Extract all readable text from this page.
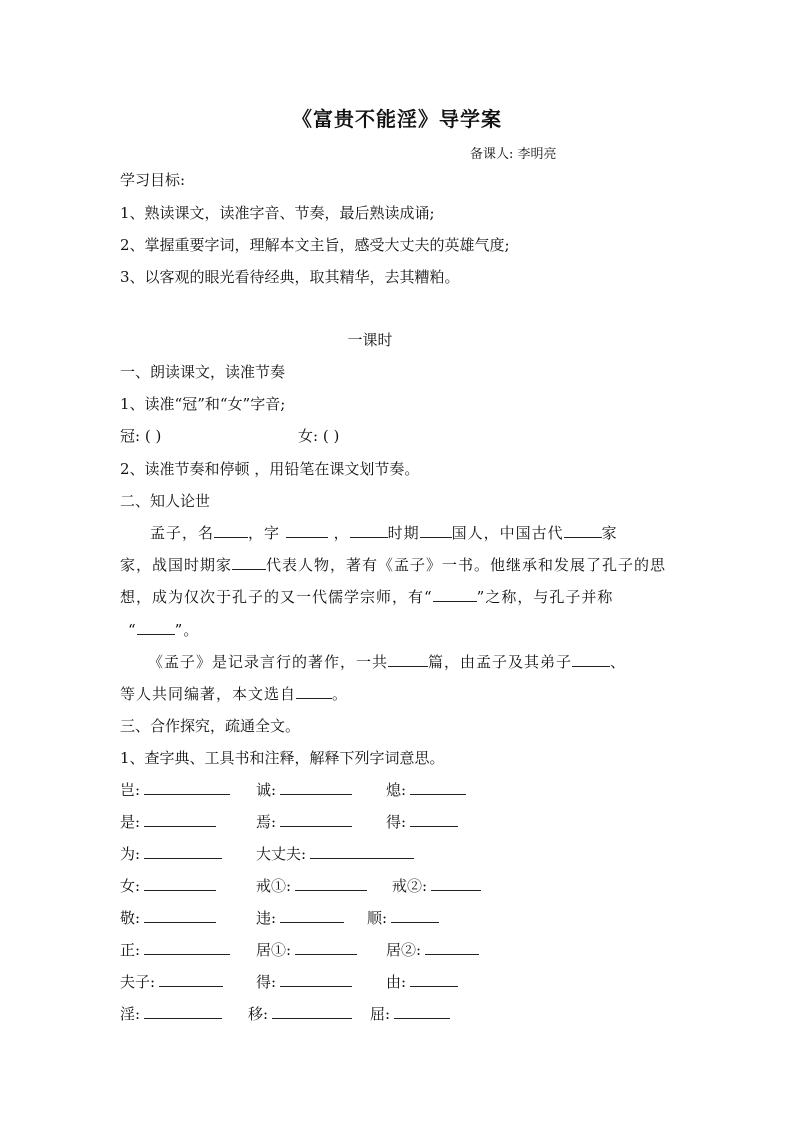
《富贵不能淫》导学案
备课人: 李明亮
学习目标:
1、熟读课文，读准字音、节奏，最后熟读成诵;
2、掌握重要字词，理解本文主旨，感受大丈夫的英雄气度;
3、以客观的眼光看待经典，取其精华，去其糟粕。
一课时
一、朗读课文，读准节奏
1、读准“冠”和“女”字音;
冠: ( )	女: ( )
2、读准节奏和停顿 ，用铅笔在课文划节奏。
二、知人论世
孟子，名 ，字	，	时期 国人，中国古代	家
家，战国时期家 代表人物，著有《孟子》一书。他继承和发展了孔子的思
想，成为仅次于孔子的又一代儒学宗师，有“	”之称，与孔子并称
“	”。
《孟子》是记录言行的著作，一共	篇，由孟子及其弟子	、
等人共同编著，本文选自 。
三、合作探究，疏通全文。
1、查字典、工具书和注释，解释下列字词意思。
岂:	诚:	熄:
是:	焉:	得:
为:	大丈夫:
女:	戒①:	戒②:
敬:	违:	顺:
正:	居①:	居②:
夫子:	得:	由:
淫:	移:	屈:
